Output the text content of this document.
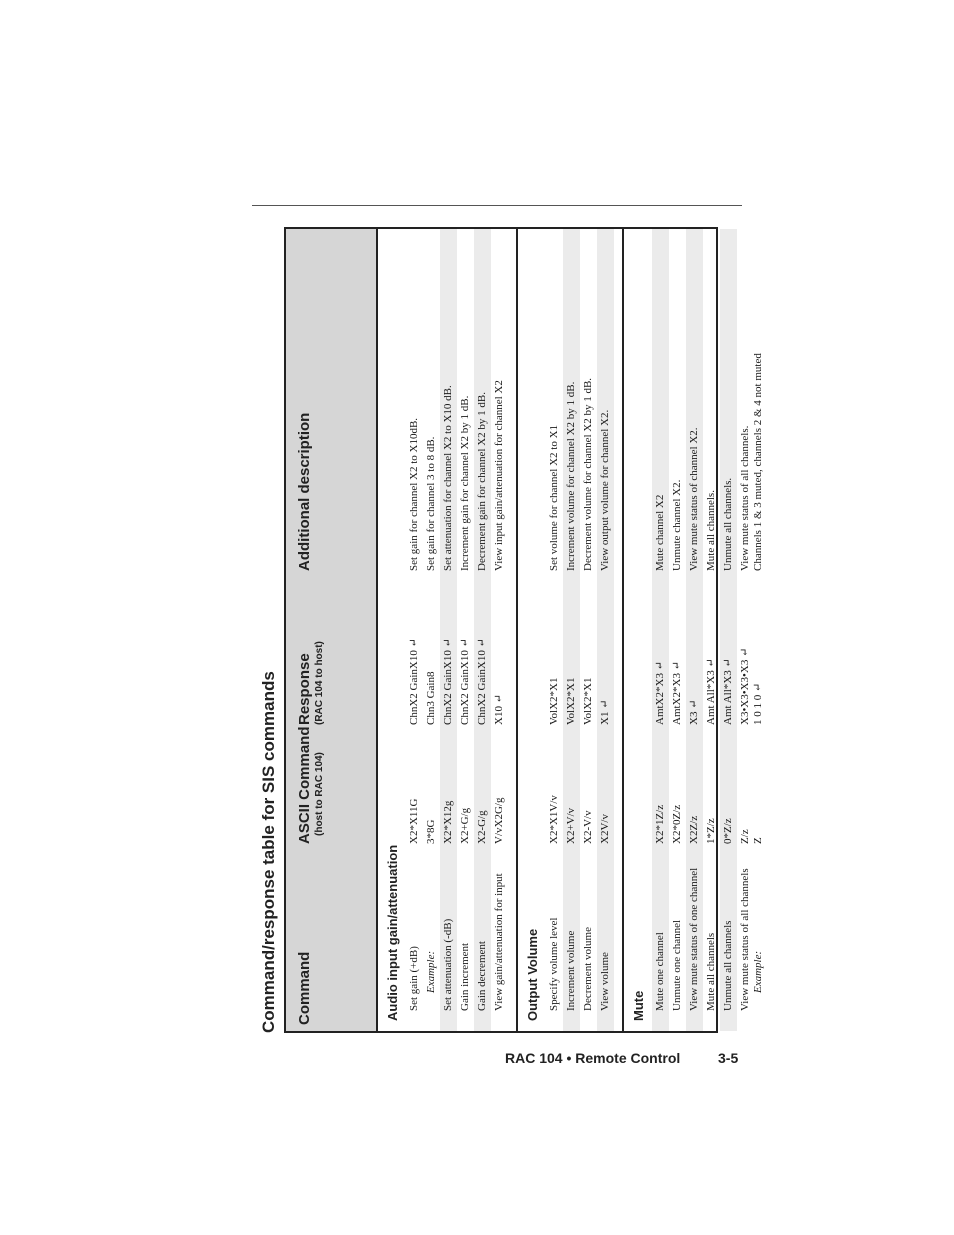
Command/response table for SIS commands	Command
ASCII Command (host to RAC 104)
Response (RAC 104 to host)
Additional description
Audio input gain/attenuation Set gain (+dB)
X2*X11G
ChnX2 GainX10 ↵
Set gain for channel X2 to X10dB.
Example:
3*8G
Chn3 Gain8
Set gain for channel 3 to 8 dB.
Set attenuation (-dB)
X2*X12g
ChnX2 GainX10 ↵
Set attenuation for channel X2 to X10 dB.
Gain increment
X2+G/g
ChnX2 GainX10 ↵
Increment gain for channel X2 by 1 dB.
Gain decrement
X2-G/g
ChnX2 GainX10 ↵
Decrement gain for channel X2 by 1 dB.
View gain/attenuation for input
V/vX2G/g
X10 ↵
View input gain/attenuation for channel X2
Output Volume Specify volume level
X2*X1V/v
VolX2*X1
Set volume for channel X2 to X1
Increment volume
X2+V/v
VolX2*X1
Increment volume for channel X2 by 1 dB.
Decrement volume
X2-V/v
VolX2*X1
Decrement volume for channel X2 by 1 dB.
View volume
X2V/v
X1 ↵
View output volume for channel X2.
Mute Mute one channel
X2*1Z/z
AmtX2*X3 ↵
Mute channel X2
Unmute one channel
X2*0Z/z
AmtX2*X3 ↵
Unmute channel X2.
View mute status of one channel
X2Z/z
X3 ↵
View mute status of channel X2.
Mute all channels
1*Z/z
Amt All*X3 ↵
Mute all channels.
Unmute all channels
0*Z/z
Amt All*X3 ↵
Unmute all channels.
View mute status of all channels Example:
Z/z Z
X3•X3•X3•X3 ↵ 1 0 1 0 ↵
View mute status of all channels. Channels 1 & 3 muted, channels 2 & 4 not muted
RAC 104 • Remote Control	3-5
